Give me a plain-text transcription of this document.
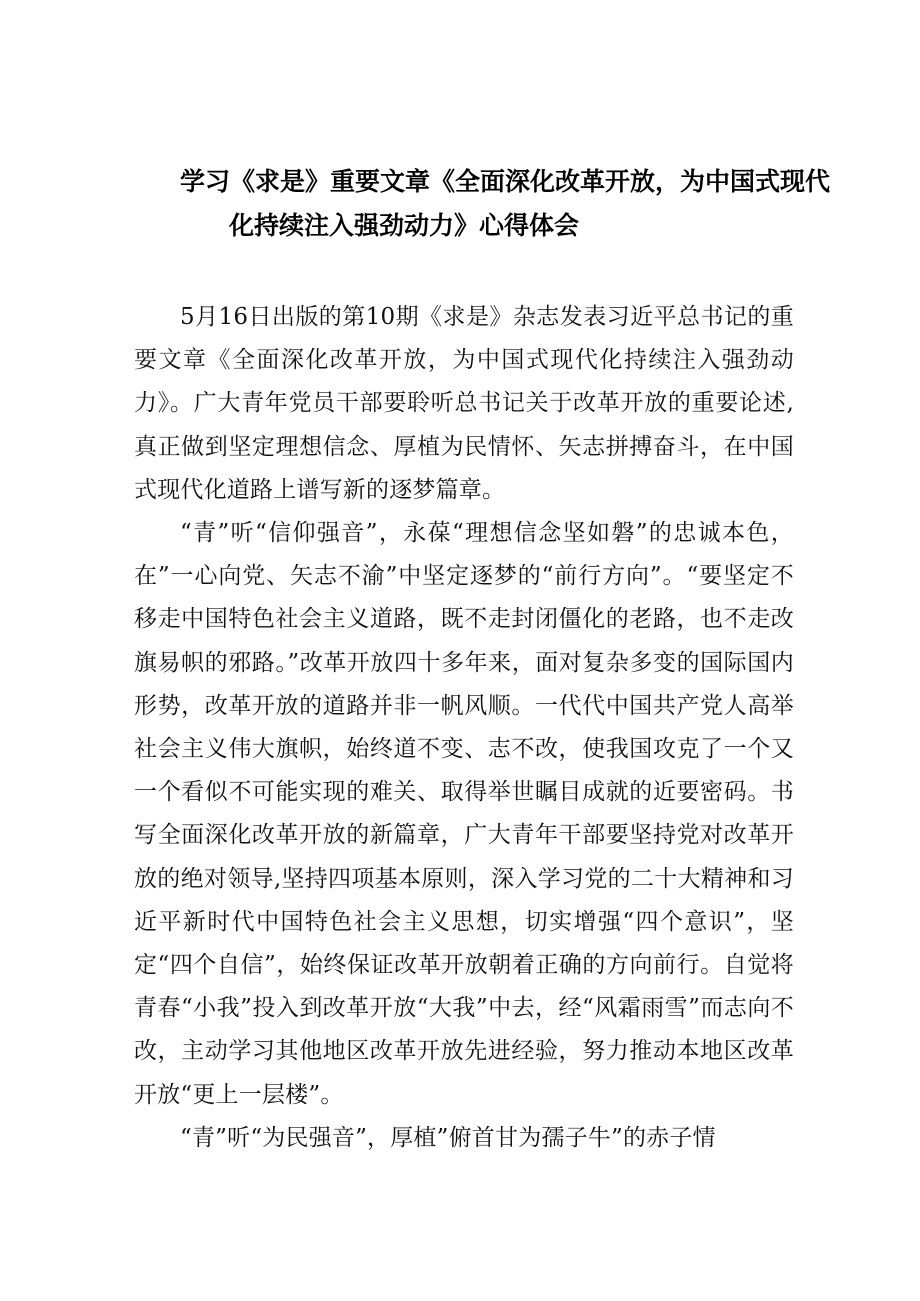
学习《求是》重要文章《全面深化改革开放，为中国式现代
化持续注入强劲动力》心得体会

5月16日出版的第10期《求是》杂志发表习近平总书记的重要文章《全面深化改革开放，为中国式现代化持续注入强劲动力》。广大青年党员干部要聆听总书记关于改革开放的重要论述,真正做到坚定理想信念、厚植为民情怀、矢志拼搏奋斗，在中国式现代化道路上谱写新的逐梦篇章。

“青”听“信仰强音”，永葆“理想信念坚如磐”的忠诚本色，在”一心向党、矢志不渝”中坚定逐梦的“前行方向”。“要坚定不移走中国特色社会主义道路，既不走封闭僵化的老路，也不走改旗易帜的邪路。”改革开放四十多年来，面对复杂多变的国际国内形势，改革开放的道路并非一帆风顺。一代代中国共产党人高举社会主义伟大旗帜，始终道不变、志不改，使我国攻克了一个又一个看似不可能实现的难关、取得举世瞩目成就的近要密码。书写全面深化改革开放的新篇章，广大青年干部要坚持党对改革开放的绝对领导,坚持四项基本原则，深入学习党的二十大精神和习近平新时代中国特色社会主义思想，切实增强“四个意识”，坚定“四个自信”，始终保证改革开放朝着正确的方向前行。自觉将青春“小我”投入到改革开放“大我”中去，经“风霜雨雪”而志向不改，主动学习其他地区改革开放先进经验，努力推动本地区改革开放“更上一层楼”。

“青”听“为民强音”，厚植”俯首甘为孺子牛”的赤子情
